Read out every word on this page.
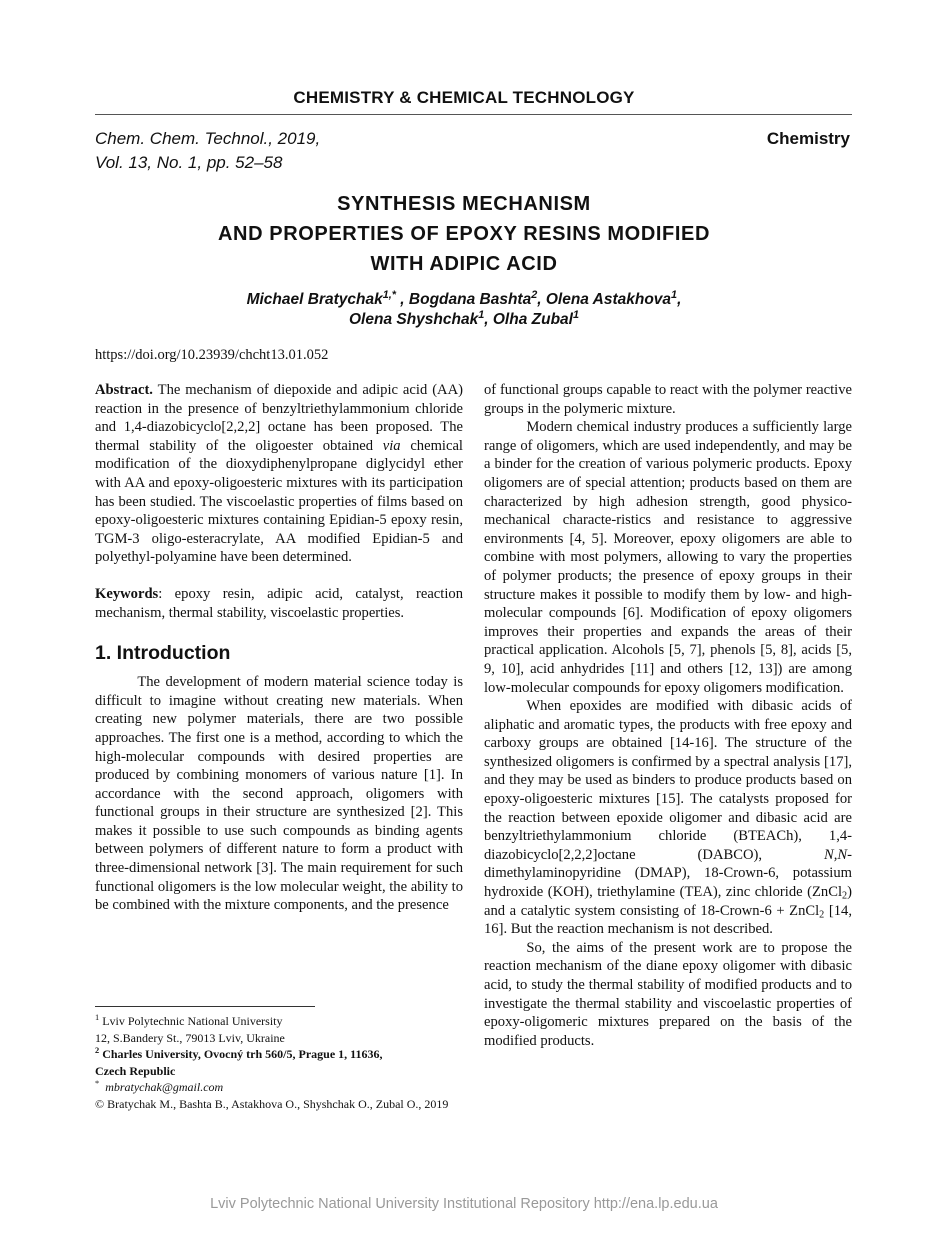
CHEMISTRY & CHEMICAL TECHNOLOGY
Chem. Chem. Technol., 2019,
Vol. 13, No. 1, pp. 52–58
Chemistry
SYNTHESIS MECHANISM
AND PROPERTIES OF EPOXY RESINS MODIFIED
WITH ADIPIC ACID
Michael Bratychak$^{1,*}$ , Bogdana Bashta$^2$, Olena Astakhova$^1$,
Olena Shyshchak$^1$, Olha Zubal$^1$
https://doi.org/10.23939/chcht13.01.052

Abstract. The mechanism of diepoxide and adipic acid (AA) reaction in the presence of benzyltriethylammonium chloride and 1,4-diazobicyclo[2,2,2] octane has been proposed. The thermal stability of the oligoester obtained via chemical modification of the dioxydiphenylpropane diglycidyl ether with AA and epoxy-oligoesteric mixtures with its participation has been studied. The viscoelastic properties of films based on epoxy-oligoesteric mixtures containing Epidian-5 epoxy resin, TGM-3 oligo-esteracrylate, AA modified Epidian-5 and polyethyl-polyamine have been determined.

Keywords: epoxy resin, adipic acid, catalyst, reaction mechanism, thermal stability, viscoelastic properties.

1. Introduction

The development of modern material science today is difficult to imagine without creating new materials. When creating new polymer materials, there are two possible approaches. The first one is a method, according to which the high-molecular compounds with desired properties are produced by combining monomers of various nature [1]. In accordance with the second approach, oligomers with functional groups in their structure are synthesized [2]. This makes it possible to use such compounds as binding agents between polymers of different nature to form a product with three-dimensional network [3]. The main requirement for such functional oligomers is the low molecular weight, the ability to be combined with the mixture components, and the presence

of functional groups capable to react with the polymer reactive groups in the polymeric mixture.

Modern chemical industry produces a sufficiently large range of oligomers, which are used independently, and may be a binder for the creation of various polymeric products. Epoxy oligomers are of special attention; products based on them are characterized by high adhesion strength, good physico-mechanical characte-ristics and resistance to aggressive environments [4, 5]. Moreover, epoxy oligomers are able to combine with most polymers, allowing to vary the properties of polymer products; the presence of epoxy groups in their structure makes it possible to modify them by low- and high-molecular compounds [6]. Modification of epoxy oligomers improves their properties and expands the areas of their practical application. Alcohols [5, 7], phenols [5, 8], acids [5, 9, 10], acid anhydrides [11] and others [12, 13]) are among low-molecular compounds for epoxy oligomers modification.

When epoxides are modified with dibasic acids of aliphatic and aromatic types, the products with free epoxy and carboxy groups are obtained [14-16]. The structure of the synthesized oligomers is confirmed by a spectral analysis [17], and they may be used as binders to produce products based on epoxy-oligoesteric mixtures [15]. The catalysts proposed for the reaction between epoxide oligomer and dibasic acid are benzyltriethylammonium chloride (BTEACh), 1,4-diazobicyclo[2,2,2]octane (DABCO), N,N-dimethylaminopyridine (DMAP), 18-Crown-6, potassium hydroxide (KOH), triethylamine (TEA), zinc chloride (ZnCl$_2$) and a catalytic system consisting of 18-Crown-6 + ZnCl$_2$ [14, 16]. But the reaction mechanism is not described.

So, the aims of the present work are to propose the reaction mechanism of the diane epoxy oligomer with dibasic acid, to study the thermal stability of modified products and to investigate the thermal stability and viscoelastic properties of epoxy-oligomeric mixtures prepared on the basis of the modified products.

$^1$ Lviv Polytechnic National University
12, S.Bandery St., 79013 Lviv, Ukraine
$^2$ Charles University, Ovocný trh 560/5, Prague 1, 11636,
Czech Republic
* mbratychak@gmail.com
© Bratychak M., Bashta B., Astakhova O., Shyshchak O., Zubal O., 2019
Lviv Polytechnic National University Institutional Repository http://ena.lp.edu.ua
